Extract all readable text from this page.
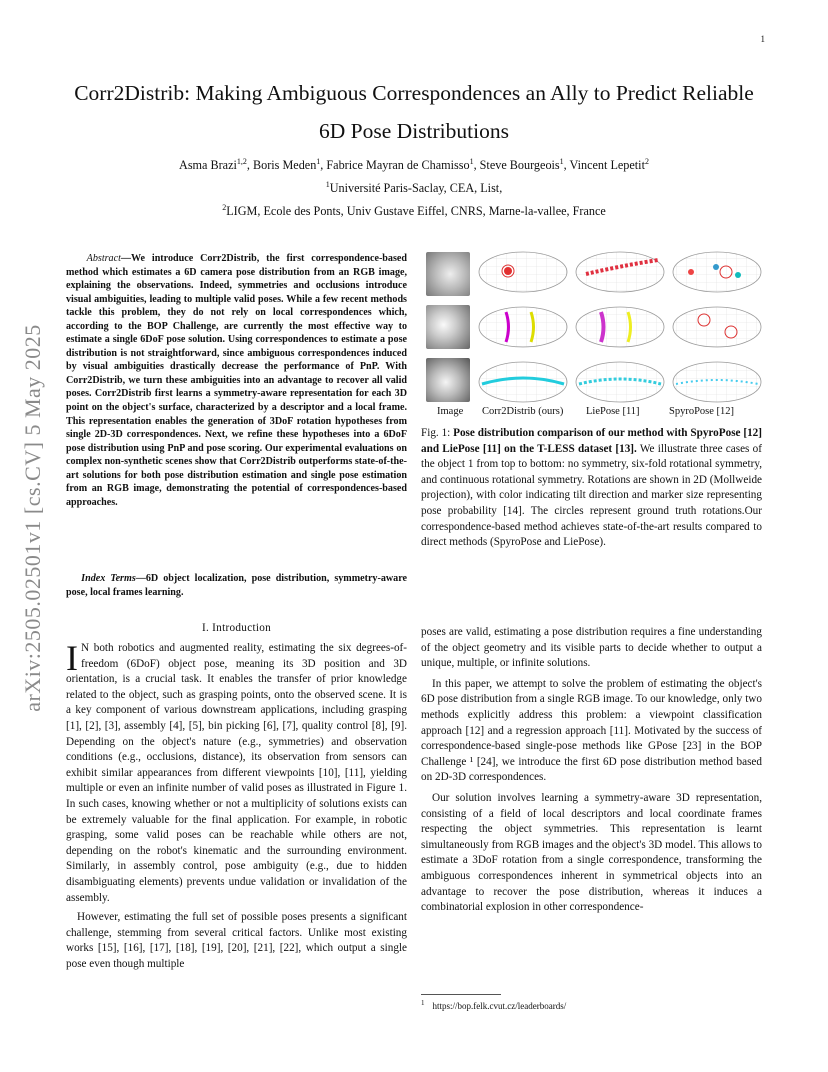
1
arXiv:2505.02501v1 [cs.CV] 5 May 2025
Corr2Distrib: Making Ambiguous Correspondences an Ally to Predict Reliable 6D Pose Distributions
Asma Brazi$^{1,2}$, Boris Meden$^1$, Fabrice Mayran de Chamisso$^1$, Steve Bourgeois$^1$, Vincent Lepetit$^2$
$^1$Université Paris-Saclay, CEA, List,
$^2$LIGM, Ecole des Ponts, Univ Gustave Eiffel, CNRS, Marne-la-vallee, France
Abstract—We introduce Corr2Distrib, the first correspondence-based method which estimates a 6D camera pose distribution from an RGB image, explaining the observations. Indeed, symmetries and occlusions introduce visual ambiguities, leading to multiple valid poses. While a few recent methods tackle this problem, they do not rely on local correspondences which, according to the BOP Challenge, are currently the most effective way to estimate a single 6DoF pose solution. Using correspondences to estimate a pose distribution is not straightforward, since ambiguous correspondences induced by visual ambiguities drastically decrease the performance of PnP. With Corr2Distrib, we turn these ambiguities into an advantage to recover all valid poses. Corr2Distrib first learns a symmetry-aware representation for each 3D point on the object's surface, characterized by a descriptor and a local frame. This representation enables the generation of 3DoF rotation hypotheses from single 2D-3D correspondences. Next, we refine these hypotheses into a 6DoF pose distribution using PnP and pose scoring. Our experimental evaluations on complex non-synthetic scenes show that Corr2Distrib outperforms state-of-the-art solutions for both pose distribution estimation and single pose estimation from an RGB image, demonstrating the potential of correspondences-based approaches.
Index Terms—6D object localization, pose distribution, symmetry-aware pose, local frames learning.
I. Introduction

I N both robotics and augmented reality, estimating the six degrees-of-freedom (6DoF) object pose, meaning its 3D position and 3D orientation, is a crucial task. It enables the transfer of prior knowledge related to the object, such as grasping points, onto the observed scene. It is a key component of various downstream applications, including grasping [1], [2], [3], assembly [4], [5], bin picking [6], [7], quality control [8], [9]. Depending on the object's nature (e.g., symmetries) and observation conditions (e.g., occlusions, distance), its observation from sensors can exhibit similar appearances from different viewpoints [10], [11], yielding multiple or even an infinite number of valid poses as illustrated in Figure 1. In such cases, knowing whether or not a multiplicity of solutions exists can be extremely valuable for the final application. For example, in robotic grasping, some valid poses can be reachable while others are not, depending on the robot's kinematic and the surrounding environment. Similarly, in assembly control, pose ambiguity (e.g., due to hidden disambiguating elements) prevents undue validation or invalidation of the assembly.

However, estimating the full set of possible poses presents a significant challenge, stemming from several critical factors. Unlike most existing works [15], [16], [17], [18], [19], [20], [21], [22], which output a single pose even though multiple

Image Corr2Distrib (ours) LiePose [11]	SpyroPose [12]
Fig. 1: Pose distribution comparison of our method with SpyroPose [12] and LiePose [11] on the T-LESS dataset [13]. We illustrate three cases of the object 1 from top to bottom: no symmetry, six-fold rotational symmetry, and continuous rotational symmetry. Rotations are shown in 2D (Mollweide projection), with color indicating tilt direction and marker size representing pose probability [14]. The circles represent ground truth rotations.Our correspondence-based method achieves state-of-the-art results compared to direct methods (SpyroPose and LiePose).

poses are valid, estimating a pose distribution requires a fine understanding of the object geometry and its visible parts to decide whether to output a unique, multiple, or infinite solutions.

In this paper, we attempt to solve the problem of estimating the object's 6D pose distribution from a single RGB image. To our knowledge, only two methods explicitly address this problem: a viewpoint classification approach [12] and a regression approach [11]. Motivated by the success of correspondence-based single-pose methods like GPose [23] in the BOP Challenge ¹ [24], we introduce the first 6D pose distribution method based on 2D-3D correspondences.

Our solution involves learning a symmetry-aware 3D representation, consisting of a field of local descriptors and local coordinate frames respecting the object symmetries. This representation is learnt simultaneously from RGB images and the object's 3D model. This allows to estimate a 3DoF rotation from a single correspondence, transforming the ambiguous correspondences inherent in symmetrical objects into an advantage to recover the pose distribution, whereas it induces a combinatorial explosion in other correspondence-

$^1$ https://bop.felk.cvut.cz/leaderboards/
